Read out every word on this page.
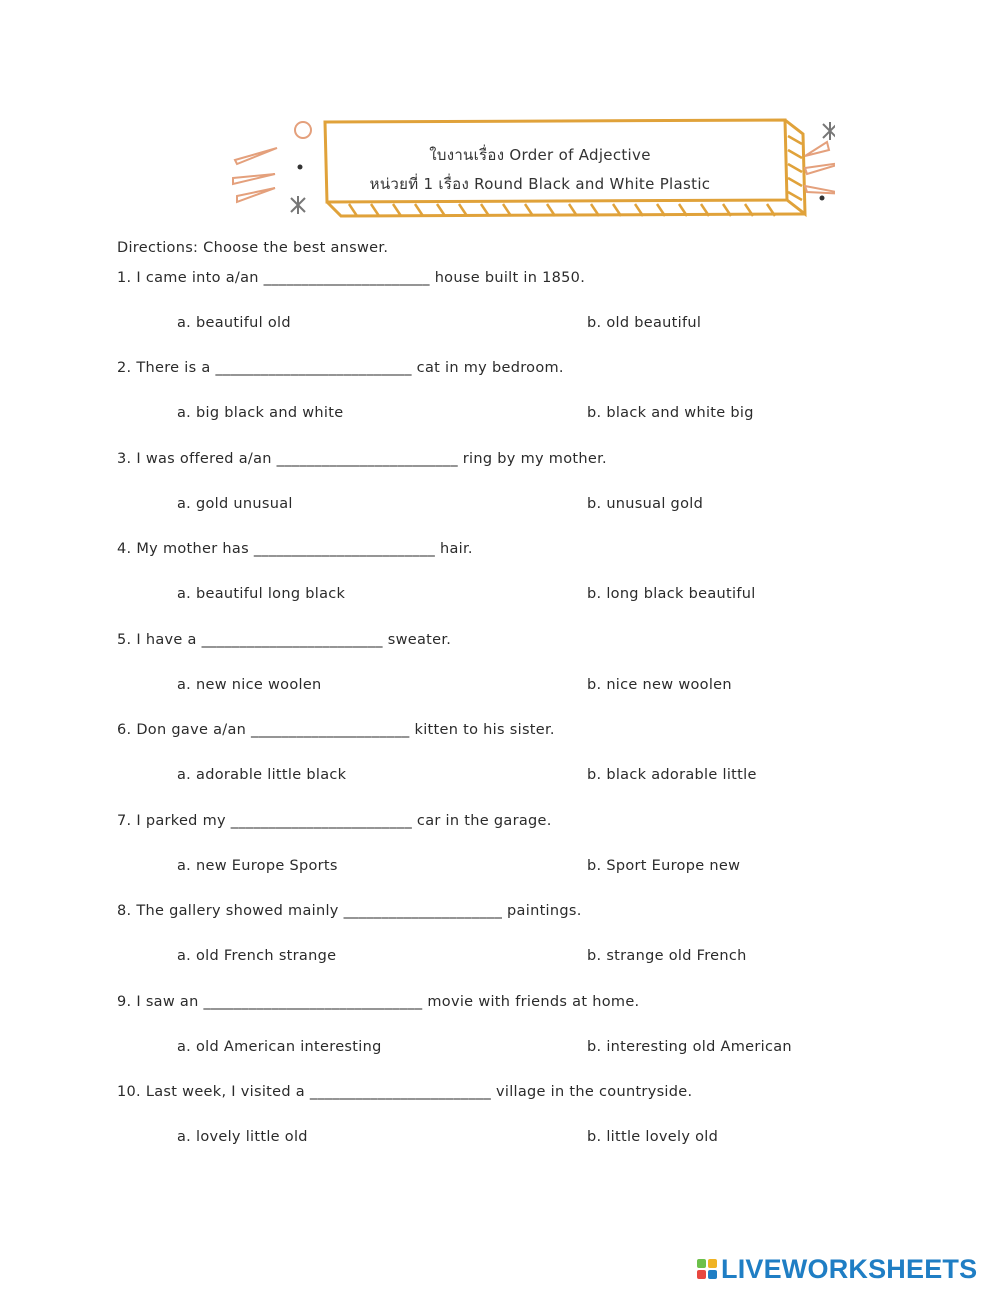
ใบงานเรื่อง Order of Adjective
หน่วยที่ 1 เรื่อง Round Black and White Plastic
Directions: Choose the best answer.
1. I came into a/an ______________________ house built in 1850.
a. beautiful old	b. old beautiful
2. There is a __________________________ cat in my bedroom.
a. big black and white	b. black and white big
3. I was offered a/an ________________________ ring by my mother.
a. gold unusual	b. unusual gold
4. My mother has ________________________ hair.
a. beautiful long black	b. long black beautiful
5. I have a ________________________ sweater.
a. new nice woolen	b. nice new woolen
6. Don gave a/an _____________________ kitten to his sister.
a. adorable little black	b. black adorable little
7. I parked my ________________________ car in the garage.
a. new Europe Sports	b. Sport Europe new
8. The gallery showed mainly _____________________ paintings.
a. old French strange	b. strange old French
9. I saw an _____________________________ movie with friends at home.
a. old American interesting	b. interesting old American
10. Last week, I visited a ________________________ village in the countryside.
a. lovely little old	b. little lovely old
LIVEWORKSHEETS
